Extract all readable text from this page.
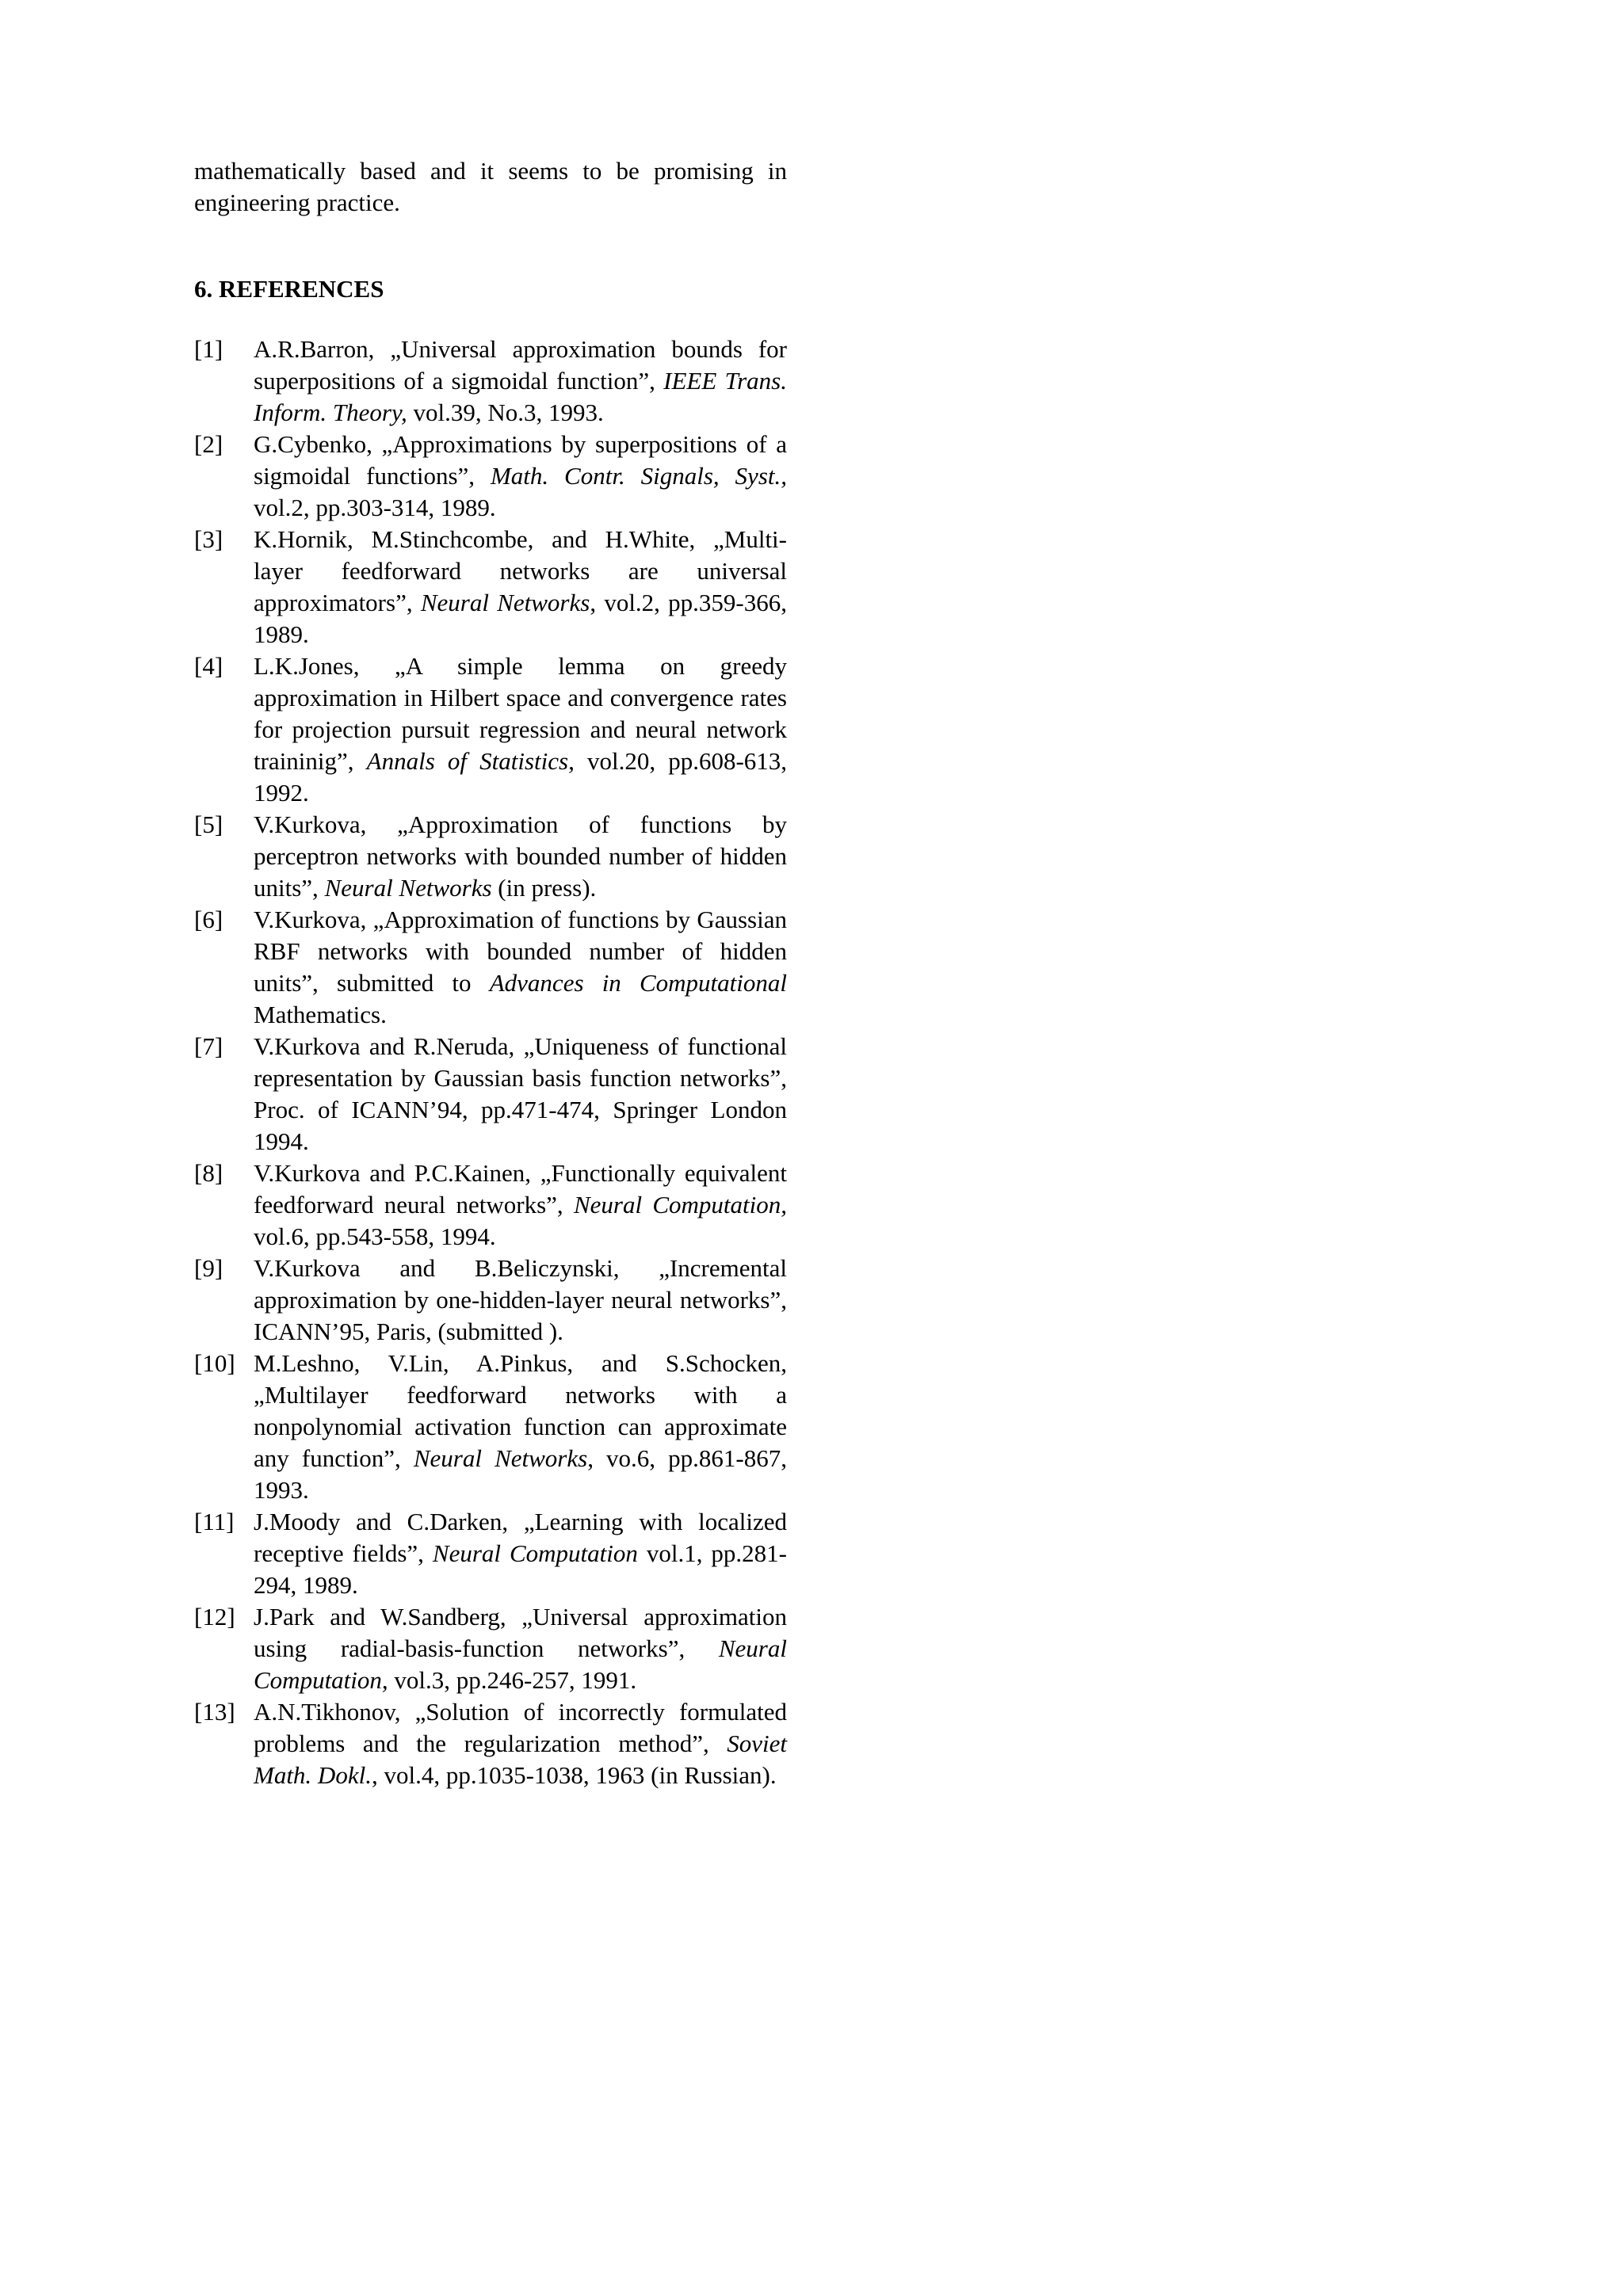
mathematically based and it seems to be promising in engineering practice.

6. REFERENCES
[1]	A.R.Barron, „Universal approximation bounds for superpositions of a sigmoidal function”, IEEE Trans. Inform. Theory, vol.39, No.3, 1993.
[2]	G.Cybenko, „Approximations by superpositions of a sigmoidal functions”, Math. Contr. Signals, Syst., vol.2, pp.303-314, 1989.
[3]	K.Hornik, M.Stinchcombe, and H.White, „Multi-layer feedforward networks are universal approximators”, Neural Networks, vol.2, pp.359-366, 1989.
[4]	L.K.Jones, „A simple lemma on greedy approximation in Hilbert space and convergence rates for projection pursuit regression and neural network traininig”, Annals of Statistics, vol.20, pp.608-613, 1992.
[5]	V.Kurkova, „Approximation of functions by perceptron networks with bounded number of hidden units”, Neural Networks (in press).
[6]	V.Kurkova, „Approximation of functions by Gaussian RBF networks with bounded number of hidden units”, submitted to Advances in Computational Mathematics.
[7]	V.Kurkova and R.Neruda, „Uniqueness of functional representation by Gaussian basis function networks”, Proc. of ICANN’94, pp.471-474, Springer London 1994.
[8]	V.Kurkova and P.C.Kainen, „Functionally equivalent feedforward neural networks”, Neural Computation, vol.6, pp.543-558, 1994.
[9]	V.Kurkova and B.Beliczynski, „Incremental approximation by one-hidden-layer neural networks”, ICANN’95, Paris, (submitted ).
[10] M.Leshno, V.Lin, A.Pinkus, and S.Schocken, „Multilayer feedforward networks with a nonpolynomial activation function can approximate any function”, Neural Networks, vo.6, pp.861-867, 1993.
[11] J.Moody and C.Darken, „Learning with localized receptive fields”, Neural Computation vol.1, pp.281-294, 1989.
[12] J.Park and W.Sandberg, „Universal approximation using radial-basis-function networks”, Neural Computation, vol.3, pp.246-257, 1991.
[13] A.N.Tikhonov, „Solution of incorrectly formulated problems and the regularization method”, Soviet Math. Dokl., vol.4, pp.1035-1038, 1963 (in Russian).
